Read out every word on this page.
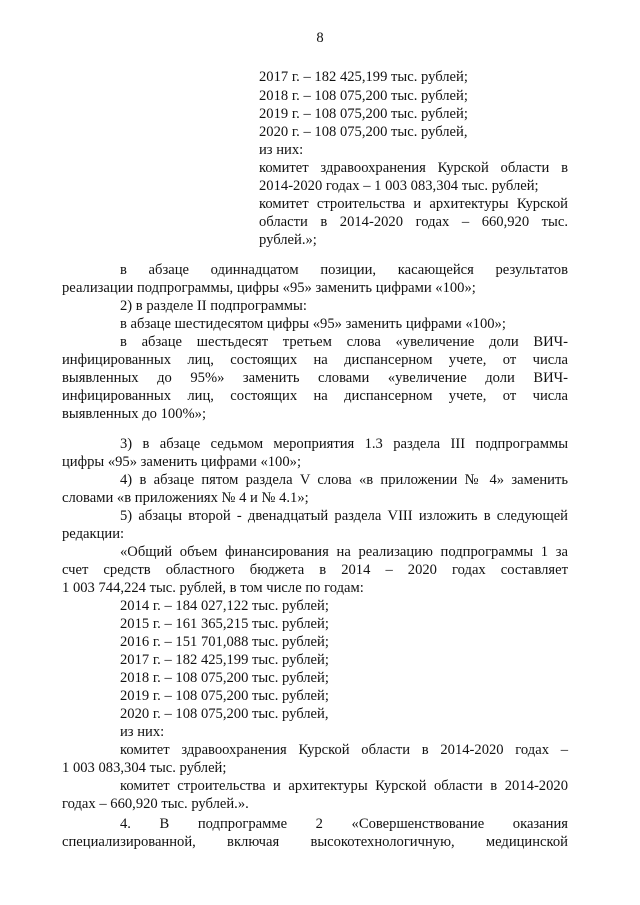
8
2017 г. – 182 425,199 тыс. рублей;
2018 г. – 108 075,200 тыс. рублей;
2019 г. – 108 075,200 тыс. рублей;
2020 г. – 108 075,200 тыс. рублей,
из них:
комитет здравоохранения Курской области в
2014-2020 годах – 1 003 083,304 тыс. рублей;
комитет строительства и архитектуры Курской
области в 2014-2020 годах – 660,920 тыс.
рублей.»;
в абзаце одиннадцатом позиции, касающейся результатов
реализации подпрограммы, цифры «95» заменить цифрами «100»;
2) в разделе II подпрограммы:
в абзаце шестидесятом цифры «95» заменить цифрами «100»;
в абзаце шестьдесят третьем слова «увеличение доли ВИЧ-
инфицированных лиц, состоящих на диспансерном учете, от числа
выявленных до 95%» заменить словами «увеличение доли ВИЧ-
инфицированных лиц, состоящих на диспансерном учете, от числа
выявленных до 100%»;
3) в абзаце седьмом мероприятия 1.3 раздела III подпрограммы
цифры «95» заменить цифрами «100»;
4) в абзаце пятом раздела V слова «в приложении № 4» заменить
словами «в приложениях № 4 и № 4.1»;
5) абзацы второй - двенадцатый раздела VIII изложить в следующей
редакции:
«Общий объем финансирования на реализацию подпрограммы 1 за
счет средств областного бюджета в 2014 – 2020 годах составляет
1 003 744,224 тыс. рублей, в том числе по годам:
2014 г. – 184 027,122 тыс. рублей;
2015 г. – 161 365,215 тыс. рублей;
2016 г. – 151 701,088 тыс. рублей;
2017 г. – 182 425,199 тыс. рублей;
2018 г. – 108 075,200 тыс. рублей;
2019 г. – 108 075,200 тыс. рублей;
2020 г. – 108 075,200 тыс. рублей,
из них:
комитет здравоохранения Курской области в 2014-2020 годах –
1 003 083,304 тыс. рублей;
комитет строительства и архитектуры Курской области в 2014-2020
годах – 660,920 тыс. рублей.».
4. В подпрограмме 2 «Совершенствование оказания
специализированной, включая высокотехнологичную, медицинской
